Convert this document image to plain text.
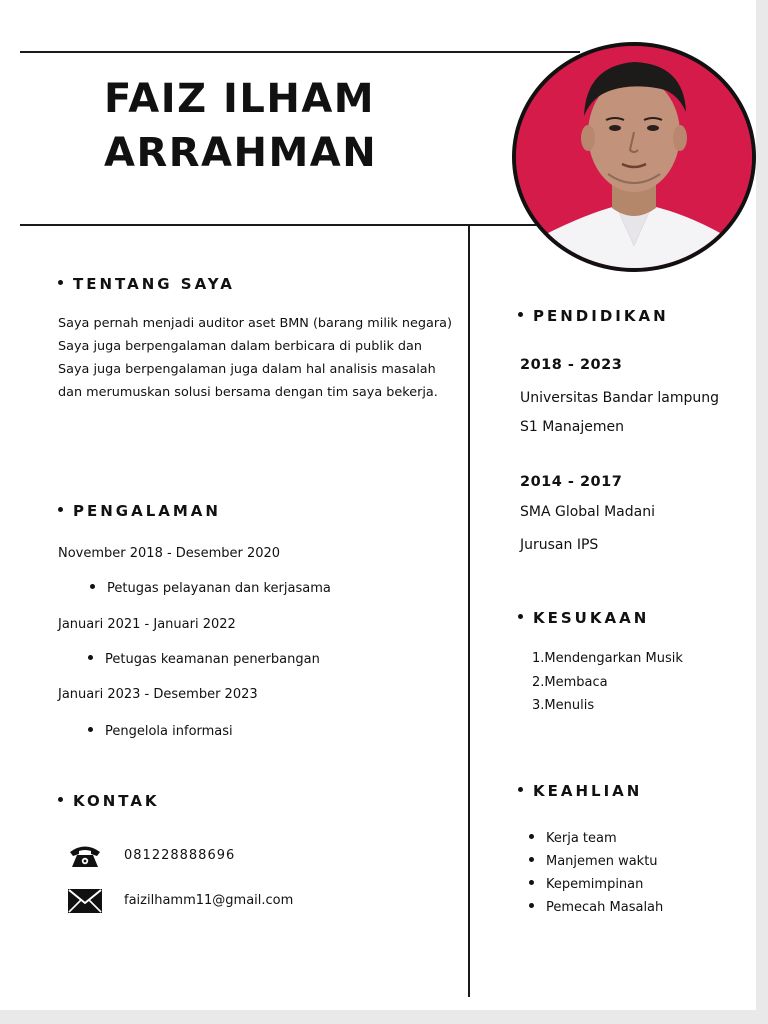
FAIZ ILHAM
ARRAHMAN
TENTANG SAYA
Saya pernah menjadi auditor aset BMN (barang milik negara) Saya juga berpengalaman dalam berbicara di publik dan Saya juga berpengalaman juga dalam hal analisis masalah dan merumuskan solusi bersama dengan tim saya bekerja.
PENGALAMAN
November 2018 - Desember 2020
Petugas pelayanan dan kerjasama
Januari 2021 - Januari 2022
Petugas keamanan penerbangan
Januari 2023 - Desember 2023
Pengelola informasi
KONTAK
081228888696
faizilhamm11@gmail.com
PENDIDIKAN
2018 - 2023
Universitas Bandar lampung
S1 Manajemen
2014 - 2017
SMA Global Madani
Jurusan IPS
KESUKAAN
1.Mendengarkan Musik
2.Membaca
3.Menulis
KEAHLIAN
Kerja team
Manjemen waktu
Kepemimpinan
Pemecah Masalah
